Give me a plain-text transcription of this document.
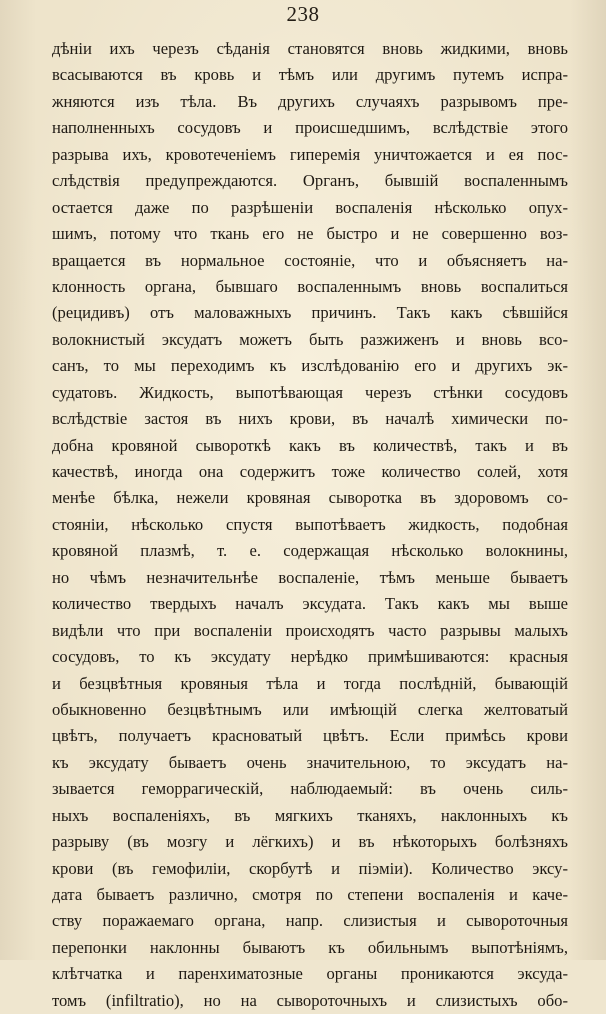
238
дѣніи ихъ черезъ сѣданія становятся вновь жидкими, вновь
всасываются въ кровь и тѣмъ или другимъ путемъ испра-
жняются изъ тѣла. Въ другихъ случаяхъ разрывомъ пре-
наполненныхъ сосудовъ и происшедшимъ, вслѣдствіе этого
разрыва ихъ, кровотеченіемъ гиперемія уничтожается и ея пос-
слѣдствія предупреждаются. Органъ, бывшій воспаленнымъ
остается даже по разрѣшеніи воспаленія нѣсколько опух-
шимъ, потому что ткань его не быстро и не совершенно воз-
вращается въ нормальное состояніе, что и объясняетъ на-
клонность органа, бывшаго воспаленнымъ вновь воспалиться
(рецидивъ) отъ маловажныхъ причинъ. Такъ какъ сѣвшійся
волокнистый эксудатъ можетъ быть разжиженъ и вновь вcо-
санъ, то мы переходимъ къ изслѣдованію его и другихъ эк-
судатовъ. Жидкость, выпотѣвающая черезъ стѣнки сосудовъ
вслѣдствіе застоя въ нихъ крови, въ началѣ химически по-
добна кровяной сывороткѣ какъ въ количествѣ, такъ и въ
качествѣ, иногда она содержитъ тоже количество солей, хотя
менѣе бѣлка, нежели кровяная сыворотка въ здоровомъ со-
стояніи, нѣсколько спустя выпотѣваетъ жидкость, подобная
кровяной плазмѣ, т. е. содержащая нѣсколько волокнины,
но чѣмъ незначительнѣе воспаленіе, тѣмъ меньше бываетъ
количество твердыхъ началъ эксудата. Такъ какъ мы выше
видѣли что при воспаленіи происходятъ часто разрывы малыхъ
сосудовъ, то къ эксудату нерѣдко примѣшиваются: красныя
и безцвѣтныя кровяныя тѣла и тогда послѣдній, бывающій
обыкновенно безцвѣтнымъ или имѣющій слегка желтоватый
цвѣтъ, получаетъ красноватый цвѣтъ. Если примѣсь крови
къ эксудату бываетъ очень значительною, то эксудатъ на-
зывается геморрагическій, наблюдаемый: въ очень силь-
ныхъ воспаленіяхъ, въ мягкихъ тканяхъ, наклонныхъ къ
разрыву (въ мозгу и лёгкихъ) и въ нѣкоторыхъ болѣзняхъ
крови (въ гемофиліи, скорбутѣ и піэміи). Количество эксу-
дата бываетъ различно, смотря по степени воспаленія и каче-
ству поражаемаго органа, напр. слизистыя и сывороточныя
перепонки наклонны бываютъ къ обильнымъ выпотѣніямъ,
клѣтчатка и паренхиматозные органы проникаются эксуда-
томъ (infiltratio), но на сывороточныхъ и слизистыхъ обо-
